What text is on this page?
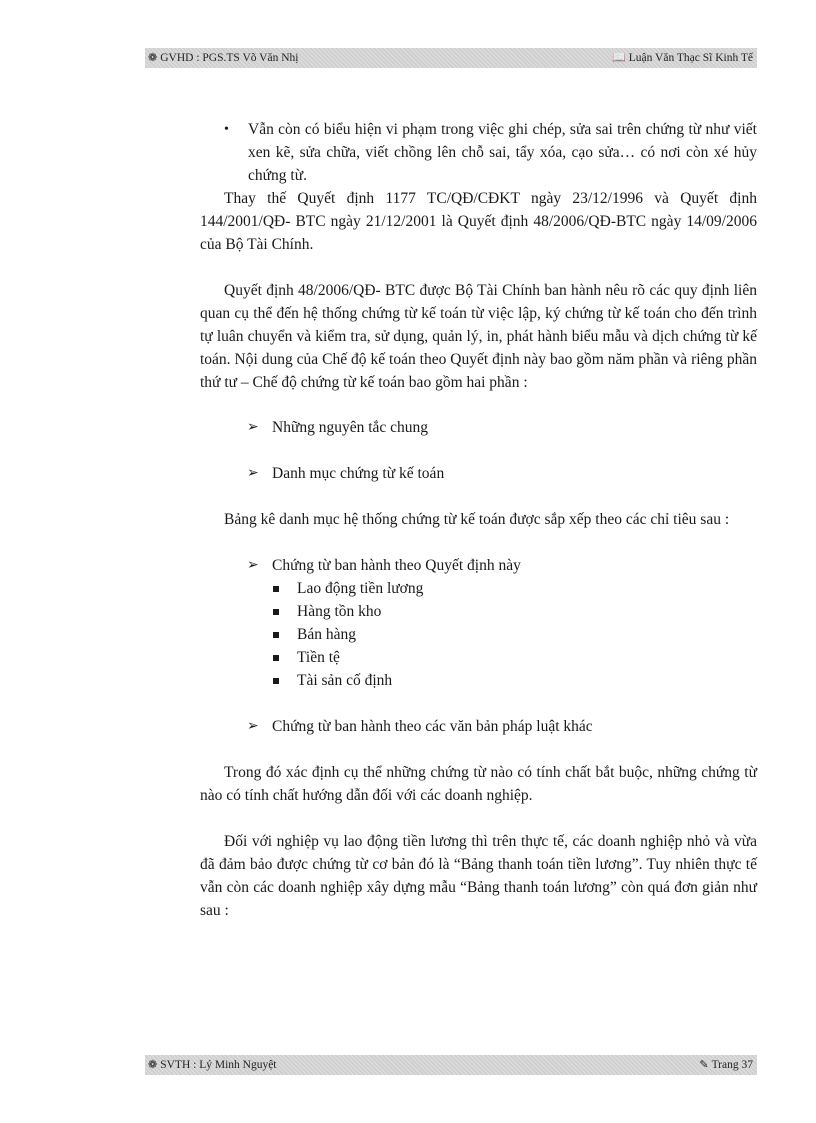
❁ GVHD : PGS.TS Võ Văn Nhị	📖 Luận Văn Thạc Sĩ Kinh Tế

• Vẫn còn có biểu hiện vi phạm trong việc ghi chép, sửa sai trên chứng từ như viết xen kẽ, sửa chữa, viết chồng lên chỗ sai, tẩy xóa, cạo sửa… có nơi còn xé hủy chứng từ.

Thay thế Quyết định 1177 TC/QĐ/CĐKT ngày 23/12/1996 và Quyết định 144/2001/QĐ- BTC ngày 21/12/2001 là Quyết định 48/2006/QĐ-BTC ngày 14/09/2006 của Bộ Tài Chính.

Quyết định 48/2006/QĐ- BTC được Bộ Tài Chính ban hành nêu rõ các quy định liên quan cụ thể đến hệ thống chứng từ kế toán từ việc lập, ký chứng từ kế toán cho đến trình tự luân chuyển và kiểm tra, sử dụng, quản lý, in, phát hành biểu mẫu và dịch chứng từ kế toán. Nội dung của Chế độ kế toán theo Quyết định này bao gồm năm phần và riêng phần thứ tư – Chế độ chứng từ kế toán bao gồm hai phần :

➢ Những nguyên tắc chung

➢ Danh mục chứng từ kế toán

Bảng kê danh mục hệ thống chứng từ kế toán được sắp xếp theo các chỉ tiêu sau :

➢ Chứng từ ban hành theo Quyết định này

Lao động tiền lương
Hàng tồn kho
Bán hàng
Tiền tệ
Tài sản cố định

➢ Chứng từ ban hành theo các văn bản pháp luật khác

Trong đó xác định cụ thể những chứng từ nào có tính chất bắt buộc, những chứng từ nào có tính chất hướng dẫn đối với các doanh nghiệp.

Đối với nghiệp vụ lao động tiền lương thì trên thực tế, các doanh nghiệp nhỏ và vừa đã đảm bảo được chứng từ cơ bản đó là “Bảng thanh toán tiền lương”. Tuy nhiên thực tế vẫn còn các doanh nghiệp xây dựng mẫu “Bảng thanh toán lương” còn quá đơn giản như sau :

❁ SVTH : Lý Minh Nguyệt	✎ Trang 37
